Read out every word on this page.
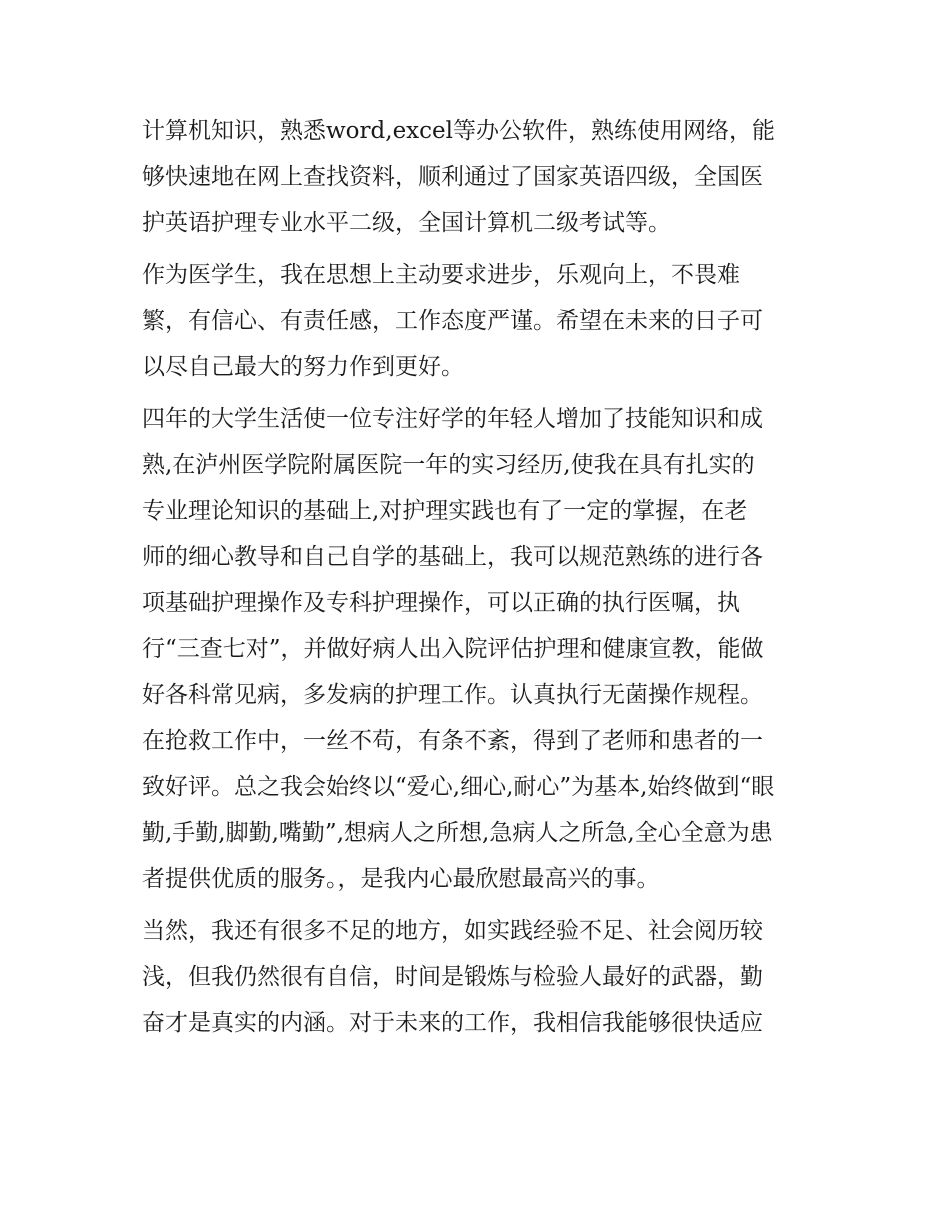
计算机知识，熟悉word,excel等办公软件，熟练使用网络，能
够快速地在网上查找资料，顺利通过了国家英语四级，全国医
护英语护理专业水平二级，全国计算机二级考试等。
作为医学生，我在思想上主动要求进步，乐观向上，不畏难
繁，有信心、有责任感，工作态度严谨。希望在未来的日子可
以尽自己最大的努力作到更好。
四年的大学生活使一位专注好学的年轻人增加了技能知识和成
熟,在泸州医学院附属医院一年的实习经历,使我在具有扎实的
专业理论知识的基础上,对护理实践也有了一定的掌握，在老
师的细心教导和自己自学的基础上，我可以规范熟练的进行各
项基础护理操作及专科护理操作，可以正确的执行医嘱，执
行“三查七对”，并做好病人出入院评估护理和健康宣教，能做
好各科常见病，多发病的护理工作。认真执行无菌操作规程。
在抢救工作中，一丝不苟，有条不紊，得到了老师和患者的一
致好评。总之我会始终以“爱心,细心,耐心”为基本,始终做到“眼
勤,手勤,脚勤,嘴勤”,想病人之所想,急病人之所急,全心全意为患
者提供优质的服务。，是我内心最欣慰最高兴的事。
当然，我还有很多不足的地方，如实践经验不足、社会阅历较
浅，但我仍然很有自信，时间是锻炼与检验人最好的武器，勤
奋才是真实的内涵。对于未来的工作，我相信我能够很快适应
